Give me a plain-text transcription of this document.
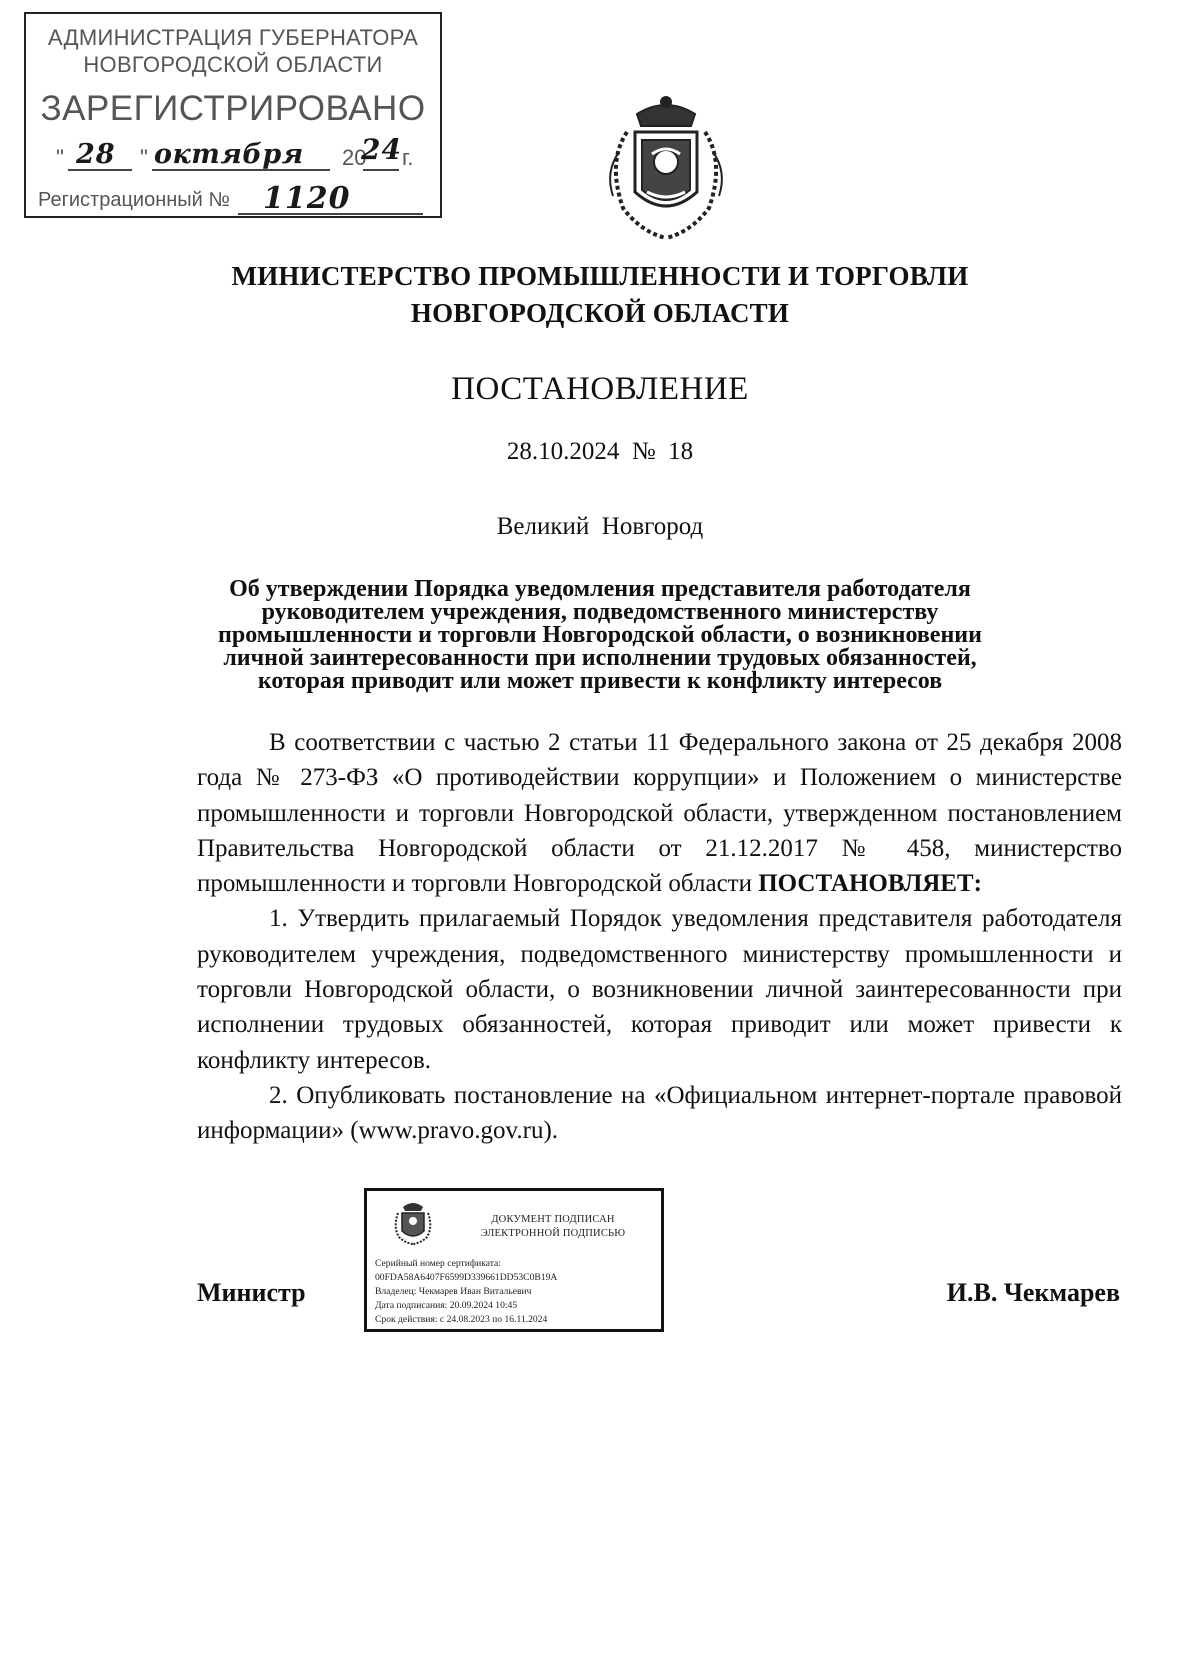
АДМИНИСТРАЦИЯ ГУБЕРНАТОРА
НОВГОРОДСКОЙ ОБЛАСТИ
ЗАРЕГИСТРИРОВАНО
" 28 " октября 20
24 г.
Регистрационный № 1120
МИНИСТЕРСТВО ПРОМЫШЛЕННОСТИ И ТОРГОВЛИ
НОВГОРОДСКОЙ ОБЛАСТИ
ПОСТАНОВЛЕНИЕ
28.10.2024  №  18
Великий  Новгород
Об утверждении Порядка уведомления представителя работодателя
руководителем учреждения, подведомственного министерству
промышленности и торговли Новгородской области, о возникновении
личной заинтересованности при исполнении трудовых обязанностей,
которая приводит или может привести к конфликту интересов

В соответствии с частью 2 статьи 11 Федерального закона от 25 декабря 2008 года № 273-ФЗ «О противодействии коррупции» и Положением о министерстве промышленности и торговли Новгородской области, утвержденном постановлением Правительства Новгородской области от 21.12.2017 № 458, министерство промышленности и торговли Новгородской области ПОСТАНОВЛЯЕТ:

1. Утвердить прилагаемый Порядок уведомления представителя работодателя руководителем учреждения, подведомственного министерству промышленности и торговли Новгородской области, о возникновении личной заинтересованности при исполнении трудовых обязанностей, которая приводит или может привести к конфликту интересов.

2. Опубликовать постановление на «Официальном интернет-портале правовой информации» (www.pravo.gov.ru).

Министр	И.В. Чекмарев
ДОКУМЕНТ ПОДПИСАН
ЭЛЕКТРОННОЙ ПОДПИСЬЮ
Серийный номер сертификата:
00FDA58A6407F6599D339661DD53C0B19A
Владелец: Чекмарев Иван Витальевич
Дата подписания: 20.09.2024 10:45
Срок действия: с 24.08.2023 по 16.11.2024
